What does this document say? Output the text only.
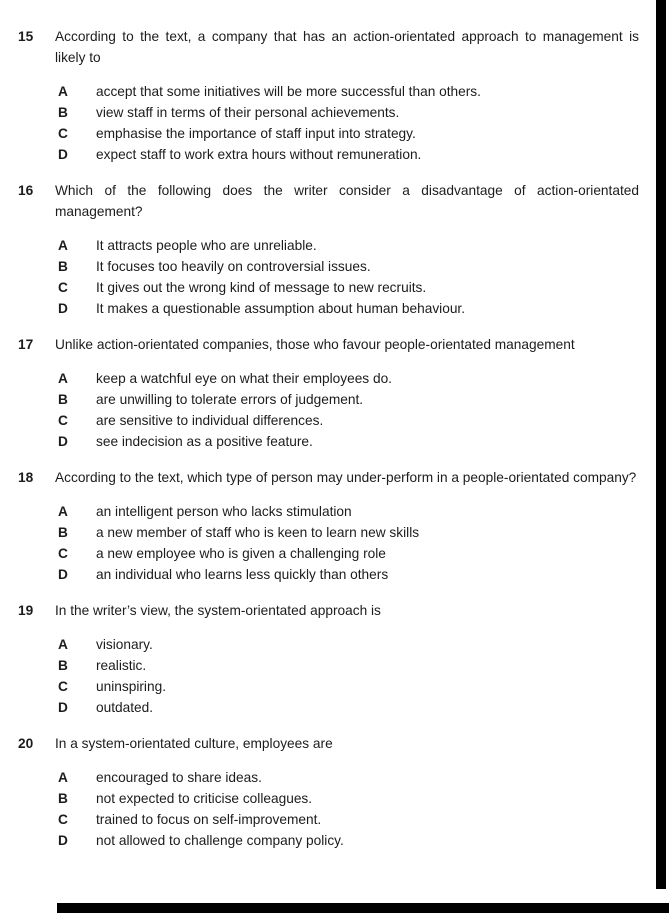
15	According to the text, a company that has an action-orientated approach to management is likely to
A	accept that some initiatives will be more successful than others.
B	view staff in terms of their personal achievements.
C	emphasise the importance of staff input into strategy.
D	expect staff to work extra hours without remuneration.
16	Which of the following does the writer consider a disadvantage of action-orientated management?
A	It attracts people who are unreliable.
B	It focuses too heavily on controversial issues.
C	It gives out the wrong kind of message to new recruits.
D	It makes a questionable assumption about human behaviour.
17	Unlike action-orientated companies, those who favour people-orientated management
A	keep a watchful eye on what their employees do.
B	are unwilling to tolerate errors of judgement.
C	are sensitive to individual differences.
D	see indecision as a positive feature.
18	According to the text, which type of person may under-perform in a people-orientated company?
A	an intelligent person who lacks stimulation
B	a new member of staff who is keen to learn new skills
C	a new employee who is given a challenging role
D	an individual who learns less quickly than others
19	In the writer’s view, the system-orientated approach is
A	visionary.
B	realistic.
C	uninspiring.
D	outdated.
20	In a system-orientated culture, employees are
A	encouraged to share ideas.
B	not expected to criticise colleagues.
C	trained to focus on self-improvement.
D	not allowed to challenge company policy.
